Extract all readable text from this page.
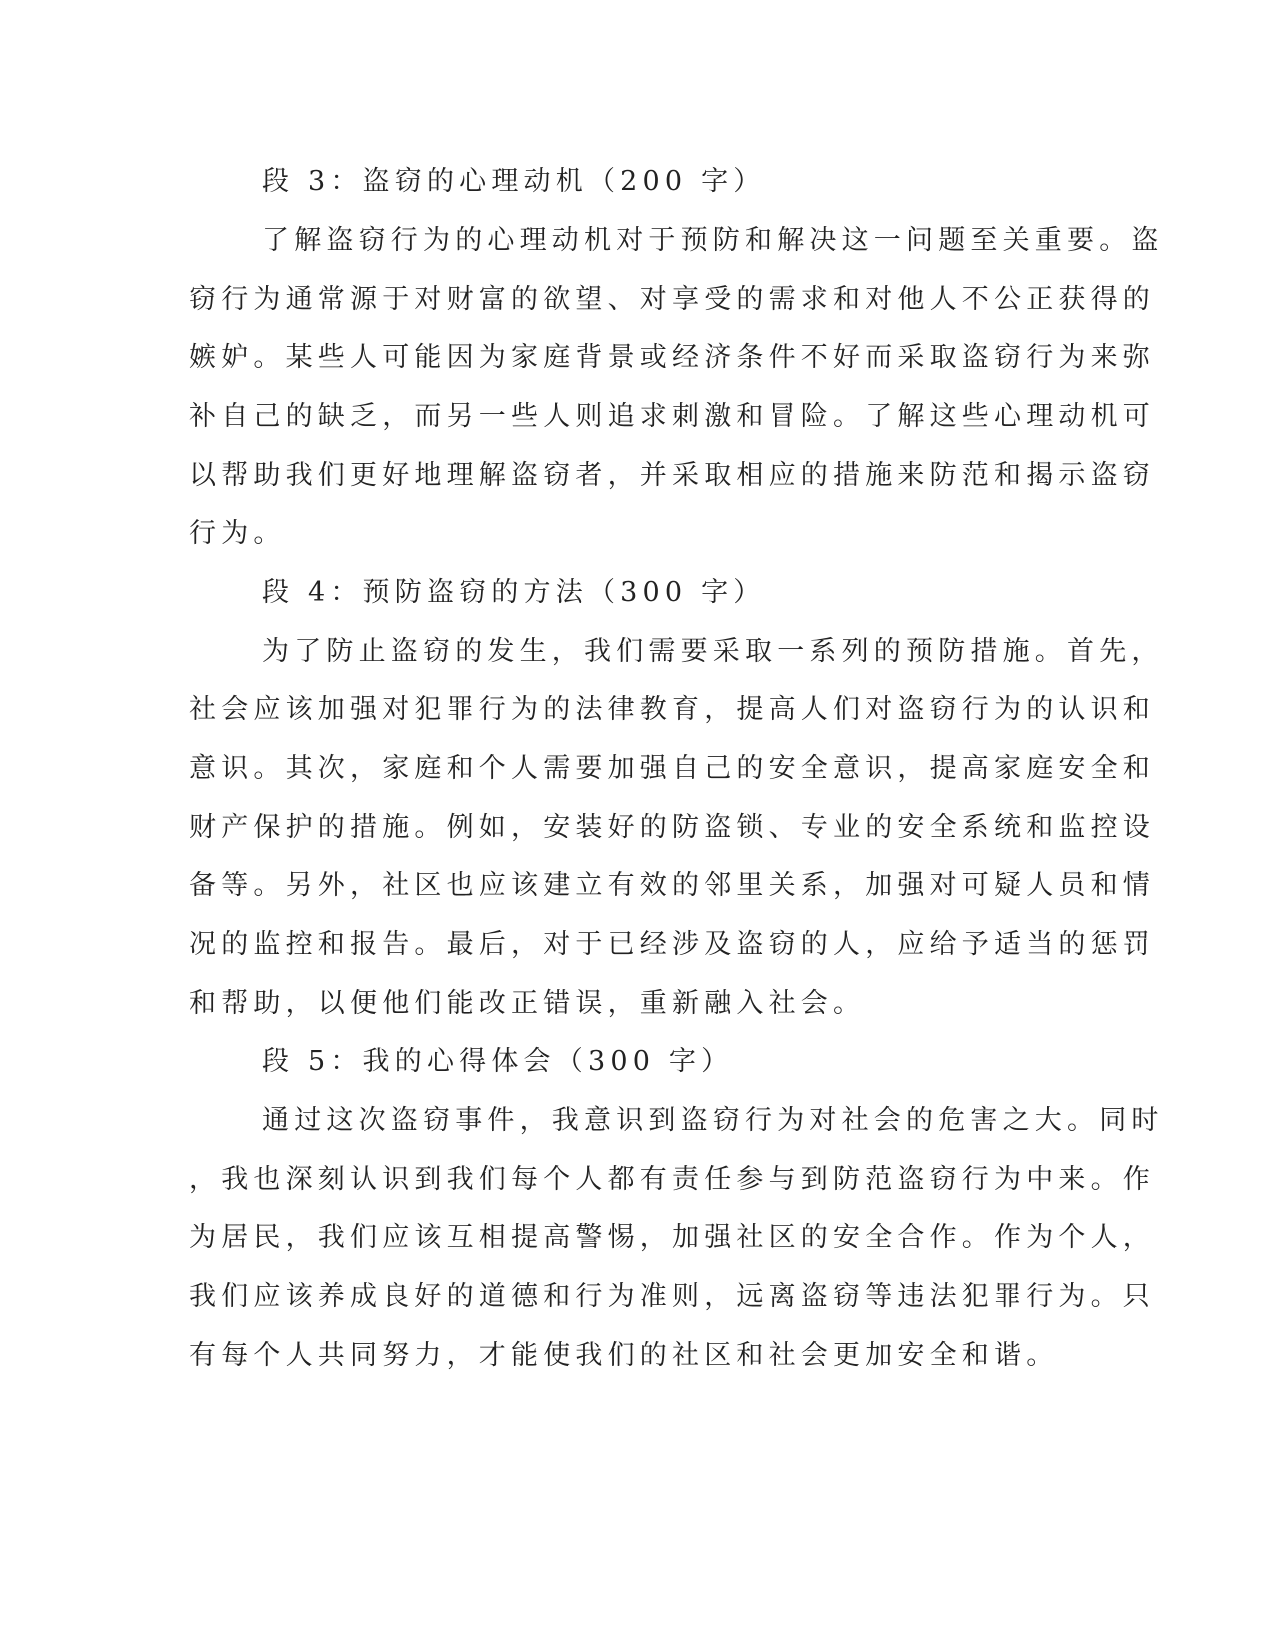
段 3：盗窃的心理动机（200 字）
了解盗窃行为的心理动机对于预防和解决这一问题至关重要。盗
窃行为通常源于对财富的欲望、对享受的需求和对他人不公正获得的
嫉妒。某些人可能因为家庭背景或经济条件不好而采取盗窃行为来弥
补自己的缺乏，而另一些人则追求刺激和冒险。了解这些心理动机可
以帮助我们更好地理解盗窃者，并采取相应的措施来防范和揭示盗窃
行为。
段 4：预防盗窃的方法（300 字）
为了防止盗窃的发生，我们需要采取一系列的预防措施。首先，
社会应该加强对犯罪行为的法律教育，提高人们对盗窃行为的认识和
意识。其次，家庭和个人需要加强自己的安全意识，提高家庭安全和
财产保护的措施。例如，安装好的防盗锁、专业的安全系统和监控设
备等。另外，社区也应该建立有效的邻里关系，加强对可疑人员和情
况的监控和报告。最后，对于已经涉及盗窃的人，应给予适当的惩罚
和帮助，以便他们能改正错误，重新融入社会。
段 5：我的心得体会（300 字）
通过这次盗窃事件，我意识到盗窃行为对社会的危害之大。同时
，我也深刻认识到我们每个人都有责任参与到防范盗窃行为中来。作
为居民，我们应该互相提高警惕，加强社区的安全合作。作为个人，
我们应该养成良好的道德和行为准则，远离盗窃等违法犯罪行为。只
有每个人共同努力，才能使我们的社区和社会更加安全和谐。
